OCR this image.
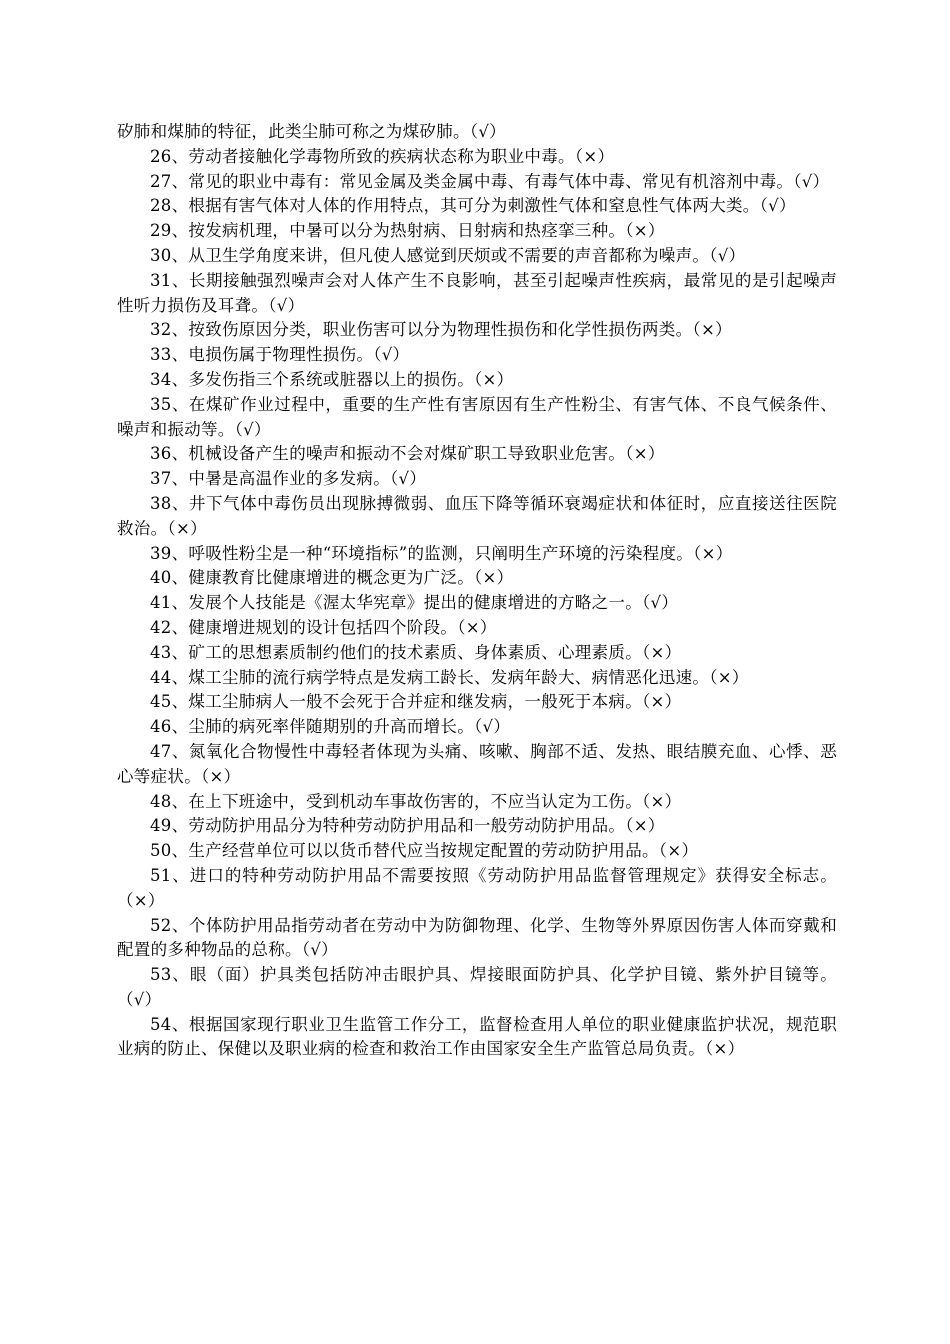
矽肺和煤肺的特征，此类尘肺可称之为煤矽肺。（√）

26、劳动者接触化学毒物所致的疾病状态称为职业中毒。（×）

27、常见的职业中毒有：常见金属及类金属中毒、有毒气体中毒、常见有机溶剂中毒。（√）

28、根据有害气体对人体的作用特点，其可分为刺激性气体和窒息性气体两大类。（√）

29、按发病机理，中暑可以分为热射病、日射病和热痉挛三种。（×）

30、从卫生学角度来讲，但凡使人感觉到厌烦或不需要的声音都称为噪声。（√）

31、长期接触强烈噪声会对人体产生不良影响，甚至引起噪声性疾病，最常见的是引起噪声性听力损伤及耳聋。（√）

32、按致伤原因分类，职业伤害可以分为物理性损伤和化学性损伤两类。（×）

33、电损伤属于物理性损伤。（√）

34、多发伤指三个系统或脏器以上的损伤。（×）

35、在煤矿作业过程中，重要的生产性有害原因有生产性粉尘、有害气体、不良气候条件、噪声和振动等。（√）

36、机械设备产生的噪声和振动不会对煤矿职工导致职业危害。（×）

37、中暑是高温作业的多发病。（√）

38、井下气体中毒伤员出现脉搏微弱、血压下降等循环衰竭症状和体征时，应直接送往医院救治。（×）

39、呼吸性粉尘是一种“环境指标”的监测，只阐明生产环境的污染程度。（×）

40、健康教育比健康增进的概念更为广泛。（×）

41、发展个人技能是《渥太华宪章》提出的健康增进的方略之一。（√）

42、健康增进规划的设计包括四个阶段。（×）

43、矿工的思想素质制约他们的技术素质、身体素质、心理素质。（×）

44、煤工尘肺的流行病学特点是发病工龄长、发病年龄大、病情恶化迅速。（×）

45、煤工尘肺病人一般不会死于合并症和继发病，一般死于本病。（×）

46、尘肺的病死率伴随期别的升高而增长。（√）

47、氮氧化合物慢性中毒轻者体现为头痛、咳嗽、胸部不适、发热、眼结膜充血、心悸、恶心等症状。（×）

48、在上下班途中，受到机动车事故伤害的，不应当认定为工伤。（×）

49、劳动防护用品分为特种劳动防护用品和一般劳动防护用品。（×）

50、生产经营单位可以以货币替代应当按规定配置的劳动防护用品。（×）

51、进口的特种劳动防护用品不需要按照《劳动防护用品监督管理规定》获得安全标志。（×）

52、个体防护用品指劳动者在劳动中为防御物理、化学、生物等外界原因伤害人体而穿戴和配置的多种物品的总称。（√）

53、眼（面）护具类包括防冲击眼护具、焊接眼面防护具、化学护目镜、紫外护目镜等。（√）

54、根据国家现行职业卫生监管工作分工，监督检查用人单位的职业健康监护状况，规范职业病的防止、保健以及职业病的检查和救治工作由国家安全生产监管总局负责。（×）
